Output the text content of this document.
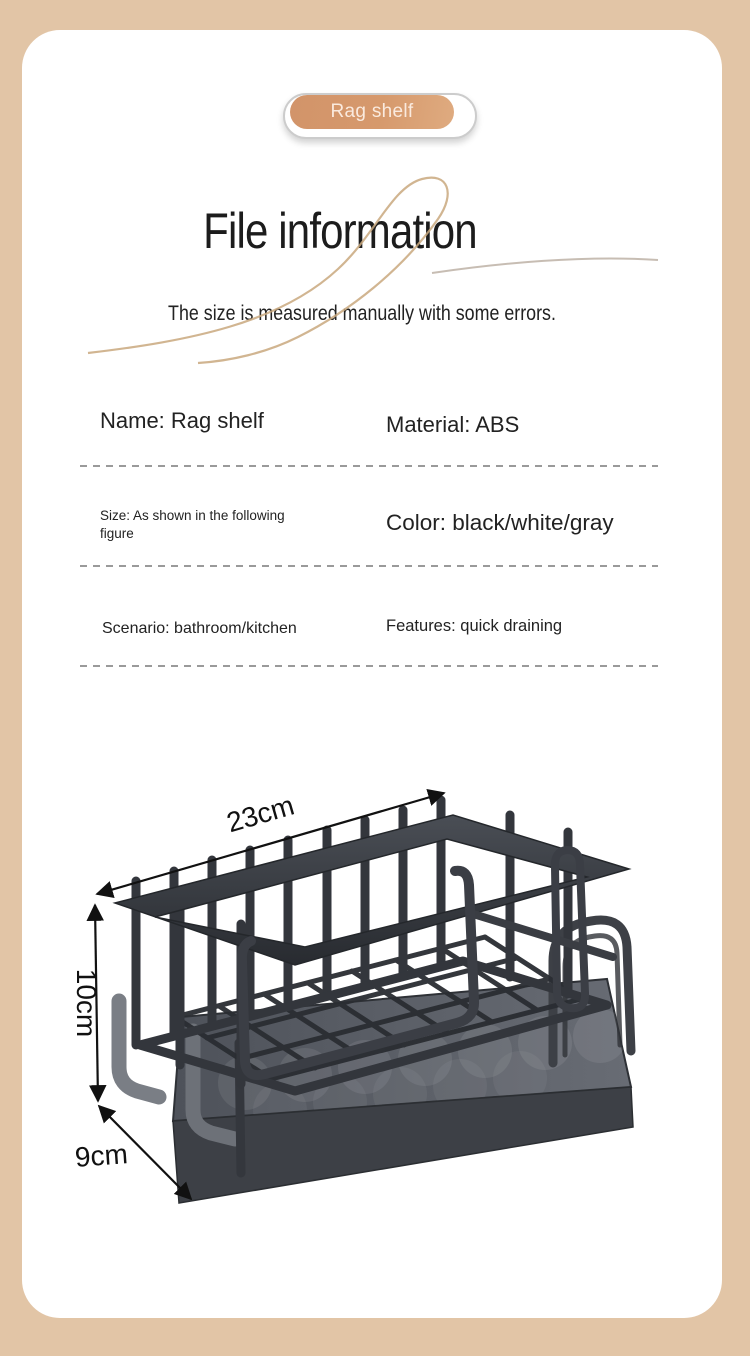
Rag shelf
File information

The size is measured manually with some errors.

Name: Rag shelf	Material: ABS
Size: As shown in the following figure	Color: black/white/gray
Scenario: bathroom/kitchen	Features: quick draining
23cm
10cm
9cm
